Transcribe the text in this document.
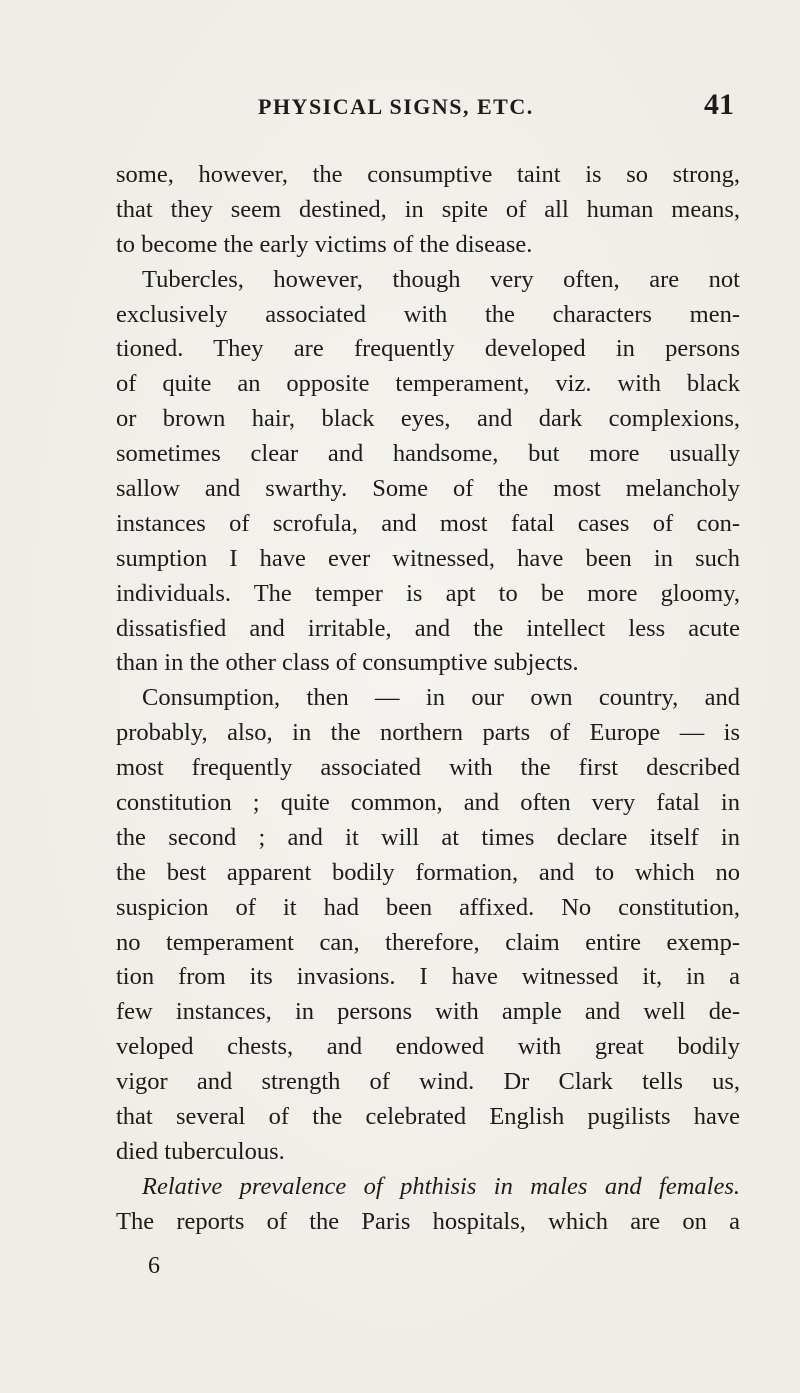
PHYSICAL SIGNS, ETC.	41
some, however, the consumptive taint is so strong,
that they seem destined, in spite of all human means,
to become the early victims of the disease.
Tubercles, however, though very often, are not
exclusively associated with the characters men-
tioned. They are frequently developed in persons
of quite an opposite temperament, viz. with black
or brown hair, black eyes, and dark complexions,
sometimes clear and handsome, but more usually
sallow and swarthy. Some of the most melancholy
instances of scrofula, and most fatal cases of con-
sumption I have ever witnessed, have been in such
individuals. The temper is apt to be more gloomy,
dissatisfied and irritable, and the intellect less acute
than in the other class of consumptive subjects.
Consumption, then — in our own country, and
probably, also, in the northern parts of Europe — is
most frequently associated with the first described
constitution ; quite common, and often very fatal in
the second ; and it will at times declare itself in
the best apparent bodily formation, and to which no
suspicion of it had been affixed. No constitution,
no temperament can, therefore, claim entire exemp-
tion from its invasions. I have witnessed it, in a
few instances, in persons with ample and well de-
veloped chests, and endowed with great bodily
vigor and strength of wind. Dr Clark tells us,
that several of the celebrated English pugilists have
died tuberculous.
Relative prevalence of phthisis in males and females.
The reports of the Paris hospitals, which are on a
6
